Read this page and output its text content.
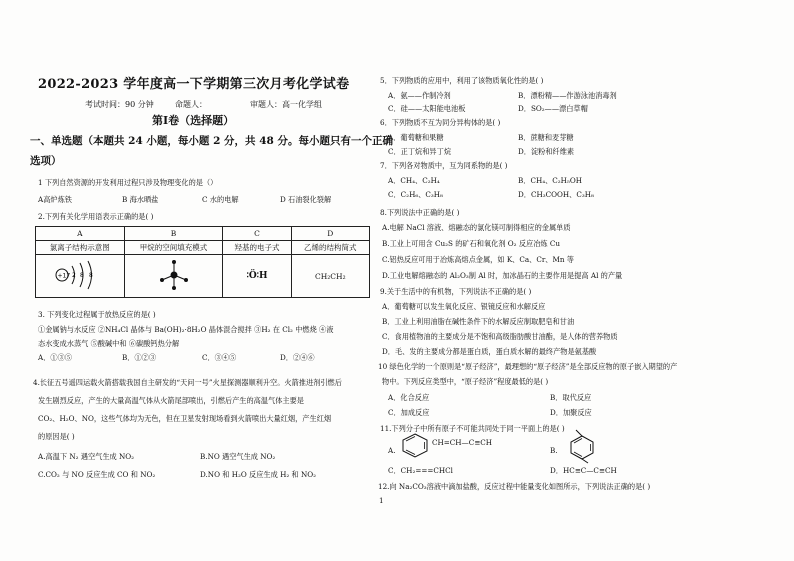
2022-2023 学年度高一下学期第三次月考化学试卷
考试时间：90 分钟	命题人：	审题人：高一化学组
第Ⅰ卷（选择题）
一、单选题（本题共 24 小题，每小题 2 分，共 48 分。每小题只有一个正确
选项）
1 下列自然资源的开发利用过程只涉及物理变化的是（）
A高炉炼铁	B 海水晒盐	C 水的电解	D 石油裂化裂解
2.下列有关化学用语表示正确的是( )
A	B	C	D
氯离子结构示意图	甲烷的空间填充模式	羟基的电子式	乙烯的结构简式

+17 2 8 8		∶Ö∶H	CH₂CH₂
3. 下列变化过程属于放热反应的是( )
①金属钠与水反应 ②NH₄Cl 晶体与 Ba(OH)₂·8H₂O 晶体混合搅拌 ③H₂ 在 Cl₂ 中燃烧 ④液
态水变成水蒸气 ⑤酸碱中和 ⑥碳酸钙热分解
A．①③⑤	B．①②③	C．③④⑤	D．②④⑥
4.长征五号遥四运载火箭搭载我国自主研发的“天问一号”火星探测器顺利升空。火箭推进剂引燃后
发生剧烈反应，产生的大量高温气体从火箭尾部喷出，引燃后产生的高温气体主要是
CO₂、H₂O、NO，这些气体均为无色，但在卫星发射现场看到火箭喷出大量红烟，产生红烟
的原因是( )
A.高温下 N₂ 遇空气生成 NO₂	B.NO 遇空气生成 NO₂
C.CO₂ 与 NO 反应生成 CO 和 NO₂	D.NO 和 H₂O 反应生成 H₂ 和 NO₂
5．下列物质的应用中，利用了该物质氧化性的是( )
A．氨——作制冷剂	B．漂粉精——作游泳池消毒剂
C．硅——太阳能电池板	D．SO₂——漂白草帽
6．下列物质不互为同分异构体的是( )
A．葡萄糖和果糖	B．蔗糖和麦芽糖
C．正丁烷和异丁烷	D．淀粉和纤维素
7．下列各对物质中，互为同系物的是( )
A．CH₄、C₂H₄	B．CH₄、C₂H₅OH
C．C₂H₆、C₃H₈	D．CH₃COOH、C₃H₈
8.下列说法中正确的是( )
A.电解 NaCl 溶液、熔融态的氯化镁可制得相应的金属单质
B.工业上可用含 Cu₂S 的矿石和氧化剂 O₂ 反应冶炼 Cu
C.铝热反应可用于冶炼高熔点金属，如 K、Ca、Cr、Mn 等
D.工业电解熔融态的 Al₂O₃制 Al 时，加冰晶石的主要作用是提高 Al 的产量
9.关于生活中的有机物，下列说法不正确的是( )
A．葡萄糖可以发生氧化反应、银镜反应和水解反应
B．工业上利用油脂在碱性条件下的水解反应制取肥皂和甘油
C．食用植物油的主要成分是不饱和高级脂肪酸甘油酯，是人体的营养物质
D．毛、发的主要成分都是蛋白质，蛋白质水解的最终产物是氨基酸
10 绿色化学的一个原则是“原子经济”，最理想的“原子经济”是全部反应物的原子嵌入期望的产
物中。下列反应类型中，“原子经济”程度最低的是( )
A．化合反应	B．取代反应
C．加成反应	D．加聚反应
11.下列分子中所有原子不可能共同处于同一平面上的是( )
A.
CH=CH—C≡CH
B.
C．CH₂===CHCl	D．HC≡C—C≡CH
12.向 Na₂CO₃溶液中滴加盐酸，反应过程中能量变化如图所示，下列说法正确的是( )
1
